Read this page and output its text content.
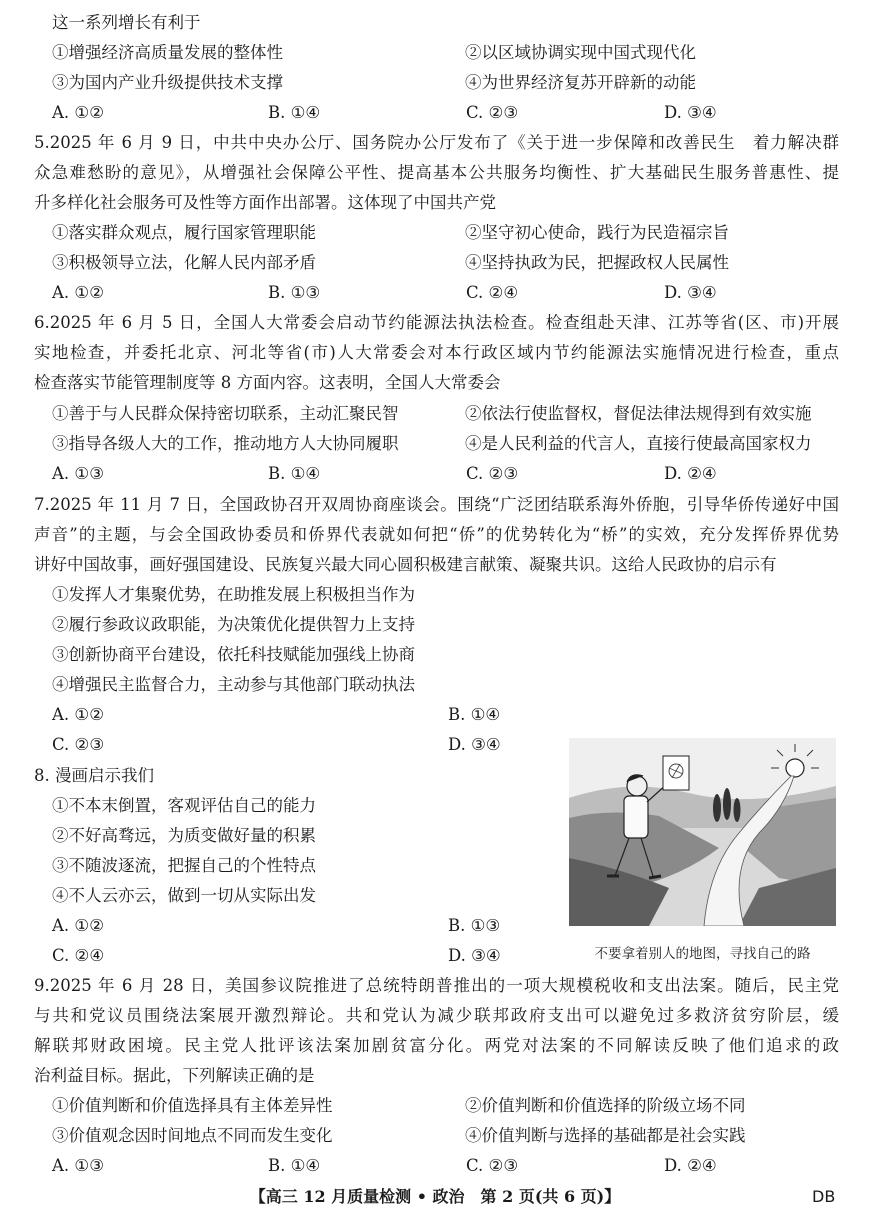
这一系列增长有利于
①增强经济高质量发展的整体性	②以区域协调实现中国式现代化
③为国内产业升级提供技术支撑	④为世界经济复苏开辟新的动能
A. ①②	B. ①④	C. ②③	D. ③④
5.2025 年 6 月 9 日，中共中央办公厅、国务院办公厅发布了《关于进一步保障和改善民生　着力解决群
众急难愁盼的意见》，从增强社会保障公平性、提高基本公共服务均衡性、扩大基础民生服务普惠性、提
升多样化社会服务可及性等方面作出部署。这体现了中国共产党
①落实群众观点，履行国家管理职能	②坚守初心使命，践行为民造福宗旨
③积极领导立法，化解人民内部矛盾	④坚持执政为民，把握政权人民属性
A. ①②	B. ①③	C. ②④	D. ③④
6.2025 年 6 月 5 日，全国人大常委会启动节约能源法执法检查。检查组赴天津、江苏等省(区、市)开展
实地检查，并委托北京、河北等省(市)人大常委会对本行政区域内节约能源法实施情况进行检查，重点
检查落实节能管理制度等 8 方面内容。这表明，全国人大常委会
①善于与人民群众保持密切联系，主动汇聚民智	②依法行使监督权，督促法律法规得到有效实施
③指导各级人大的工作，推动地方人大协同履职	④是人民利益的代言人，直接行使最高国家权力
A. ①③	B. ①④	C. ②③	D. ②④
7.2025 年 11 月 7 日，全国政协召开双周协商座谈会。围绕“广泛团结联系海外侨胞，引导华侨传递好中国
声音”的主题，与会全国政协委员和侨界代表就如何把“侨”的优势转化为“桥”的实效，充分发挥侨界优势
讲好中国故事，画好强国建设、民族复兴最大同心圆积极建言献策、凝聚共识。这给人民政协的启示有
①发挥人才集聚优势，在助推发展上积极担当作为
②履行参政议政职能，为决策优化提供智力上支持
③创新协商平台建设，依托科技赋能加强线上协商
④增强民主监督合力，主动参与其他部门联动执法
A. ①②	B. ①④
C. ②③	D. ③④
8. 漫画启示我们
①不本末倒置，客观评估自己的能力
②不好高骛远，为质变做好量的积累
③不随波逐流，把握自己的个性特点
④不人云亦云，做到一切从实际出发
A. ①②	B. ①③
C. ②④	D. ③④	不要拿着别人的地图，寻找自己的路
9.2025 年 6 月 28 日，美国参议院推进了总统特朗普推出的一项大规模税收和支出法案。随后，民主党
与共和党议员围绕法案展开激烈辩论。共和党认为减少联邦政府支出可以避免过多救济贫穷阶层，缓
解联邦财政困境。民主党人批评该法案加剧贫富分化。两党对法案的不同解读反映了他们追求的政
治利益目标。据此，下列解读正确的是
①价值判断和价值选择具有主体差异性	②价值判断和价值选择的阶级立场不同
③价值观念因时间地点不同而发生变化	④价值判断与选择的基础都是社会实践
A. ①③	B. ①④	C. ②③	D. ②④
【高三 12 月质量检测 • 政治　第 2 页(共 6 页)】	DB
